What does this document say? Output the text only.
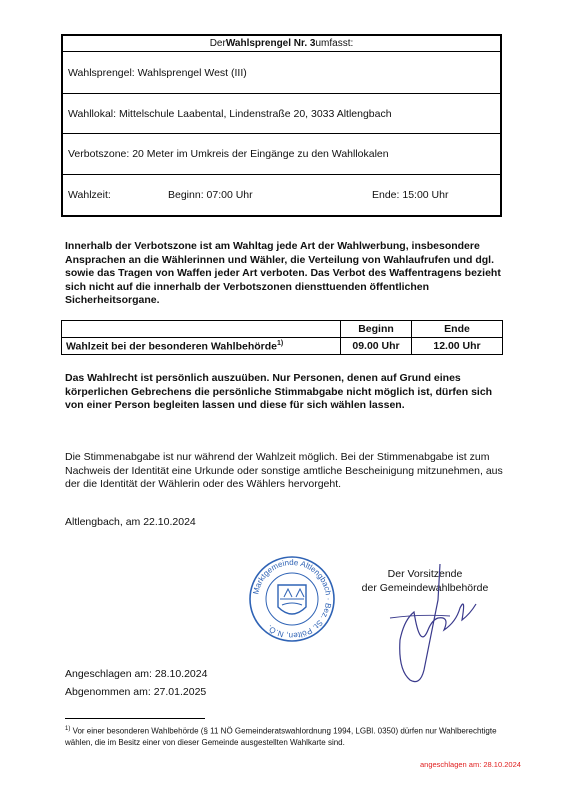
Der Wahlsprengel Nr. 3 umfasst:
Wahlsprengel: Wahlsprengel West (III)
Wahllokal: Mittelschule Laabental, Lindenstraße 20, 3033 Altlengbach
Verbotszone: 20 Meter im Umkreis der Eingänge zu den Wahllokalen
Wahlzeit:	Beginn: 07:00 Uhr	Ende: 15:00 Uhr
Innerhalb der Verbotszone ist am Wahltag jede Art der Wahlwerbung, insbesondere Ansprachen an die Wählerinnen und Wähler, die Verteilung von Wahlaufrufen und dgl. sowie das Tragen von Waffen jeder Art verboten. Das Verbot des Waffentragens bezieht sich nicht auf die innerhalb der Verbotszonen diensttuenden öffentlichen Sicherheitsorgane.
	Beginn	Ende
Wahlzeit bei der besonderen Wahlbehörde$^{1)}$	09.00 Uhr	12.00 Uhr
Das Wahlrecht ist persönlich auszuüben. Nur Personen, denen auf Grund eines körperlichen Gebrechens die persönliche Stimmabgabe nicht möglich ist, dürfen sich von einer Person begleiten lassen und diese für sich wählen lassen.
Die Stimmenabgabe ist nur während der Wahlzeit möglich. Bei der Stimmenabgabe ist zum Nachweis der Identität eine Urkunde oder sonstige amtliche Bescheinigung mitzunehmen, aus der die Identität der Wählerin oder des Wählers hervorgeht.
Altlengbach, am 22.10.2024
Marktgemeinde Altlengbach · Bez. St. Pölten, N.Ö.
Der Vorsitzende
der Gemeindewahlbehörde
Angeschlagen am: 28.10.2024
Abgenommen am: 27.01.2025
$^{1)}$ Vor einer besonderen Wahlbehörde (§ 11 NÖ Gemeinderatswahlordnung 1994, LGBl. 0350) dürfen nur Wahlberechtigte wählen, die im Besitz einer von dieser Gemeinde ausgestellten Wahlkarte sind.
angeschlagen am: 28.10.2024
